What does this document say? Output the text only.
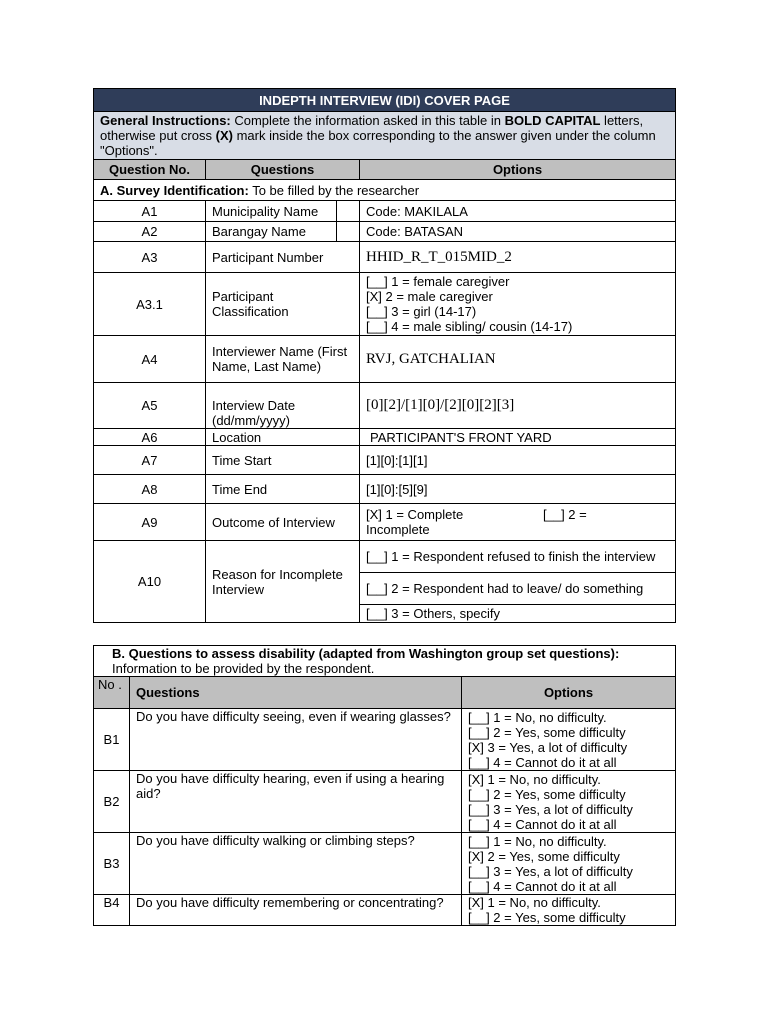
INDEPTH INTERVIEW (IDI) COVER PAGE			
General Instructions: Complete the information asked in this table in BOLD CAPITAL letters, otherwise put cross (X) mark inside the box corresponding to the answer given under the column "Options".			
Question No.	Questions		Options
A. Survey Identification: To be filled by the researcher			
A1	Municipality Name		Code: MAKILALA
A2	Barangay Name		Code: BATASAN
A3	Participant Number		HHID_R_T_015MID_2
A3.1	Participant Classification		[__] 1 = female caregiver
[X] 2 = male caregiver
[__] 3 = girl (14-17)
[__] 4 = male sibling/ cousin (14-17)

A4	Interviewer Name (First Name, Last Name)		RVJ, GATCHALIAN
A5	Interview Date (dd/mm/yyyy)		[0][2]/[1][0]/[2][0][2][3]
A6	Location		PARTICIPANT'S FRONT YARD
A7	Time Start		[1][0]:[1][1]
A8	Time End		[1][0]:[5][9]
A9	Outcome of Interview		[X] 1 = Complete [__] 2 =
Incomplete

A10	Reason for Incomplete Interview		[__] 1 = Respondent refused to finish the interview
			[__] 2 = Respondent had to leave/ do something
			[__] 3 = Others, specify
B. Questions to assess disability (adapted from Washington group set questions):
Information to be provided by the respondent.		

No .	Questions	Options
B1	Do you have difficulty seeing, even if wearing glasses?	[__] 1 = No, no difficulty.
[__] 2 = Yes, some difficulty
[X] 3 = Yes, a lot of difficulty
[__] 4 = Cannot do it at all

B2	Do you have difficulty hearing, even if using a hearing aid?	[X] 1 = No, no difficulty.
[__] 2 = Yes, some difficulty
[__] 3 = Yes, a lot of difficulty
[__] 4 = Cannot do it at all

B3	Do you have difficulty walking or climbing steps?	[__] 1 = No, no difficulty.
[X] 2 = Yes, some difficulty
[__] 3 = Yes, a lot of difficulty
[__] 4 = Cannot do it at all

B4	Do you have difficulty remembering or concentrating?	[X] 1 = No, no difficulty.
[__] 2 = Yes, some difficulty
